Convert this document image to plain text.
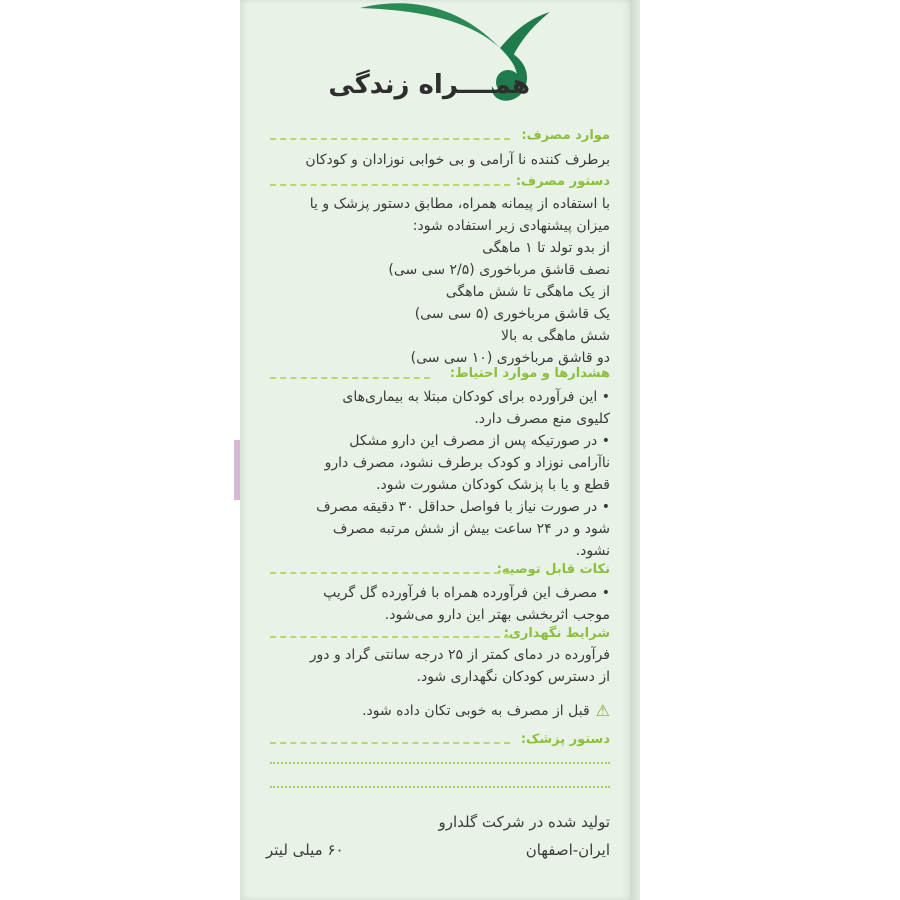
همــــراه زندگی
موارد مصرف:
برطرف کننده نا آرامی و بی خوابی نوزادان و کودکان
دستور مصرف:
با استفاده از پیمانه همراه، مطابق دستور پزشک و یا
میزان پیشنهادی زیر استفاده شود:
از بدو تولد تا ۱ ماهگی
نصف قاشق مرباخوری (۲/۵ سی سی)
از یک ماهگی تا شش ماهگی
یک قاشق مرباخوری (۵ سی سی)
شش ماهگی به بالا
دو قاشق مرباخوری (۱۰ سی سی)
هشدارها و موارد احتیاط:
• این فرآورده برای کودکان مبتلا به بیماری‌های
کلیوی منع مصرف دارد.
• در صورتیکه پس از مصرف این دارو مشکل
ناآرامی نوزاد و کودک برطرف نشود، مصرف دارو
قطع و یا با پزشک کودکان مشورت شود.
• در صورت نیاز با فواصل حداقل ۳۰ دقیقه مصرف
شود و در ۲۴ ساعت بیش از شش مرتبه مصرف
نشود.
نکات قابل توصیه:
• مصرف این فرآورده همراه با فرآورده گل گریپ
موجب اثربخشی بهتر این دارو می‌شود.
شرایط نگهداری:
فرآورده در دمای کمتر از ۲۵ درجه سانتی گراد و دور
از دسترس کودکان نگهداری شود.
⚠قبل از مصرف به خوبی تکان داده شود.
دستور پزشک:
تولید شده در شرکت گلدارو
ایران-اصفهان
۶۰ میلی لیتر
